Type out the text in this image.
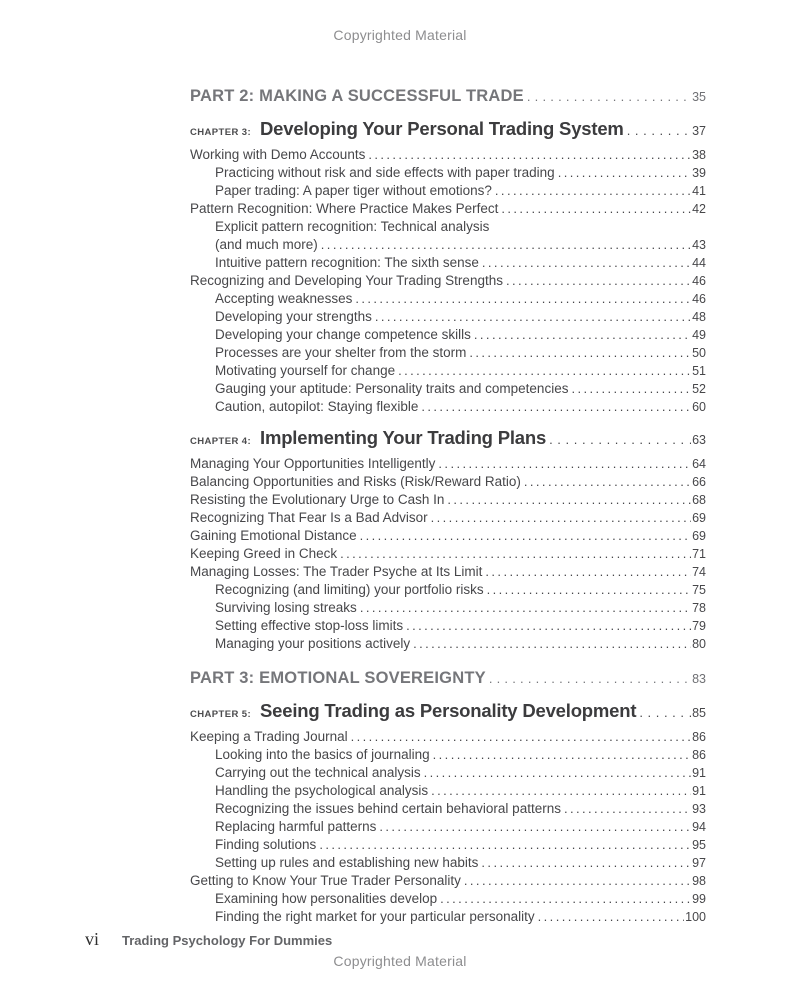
Copyrighted Material
PART 2: MAKING A SUCCESSFUL TRADE .....	35
CHAPTER 3: Developing Your Personal Trading System .....	37
Working with Demo Accounts .....	38
Practicing without risk and side effects with paper trading .....	39
Paper trading: A paper tiger without emotions? .....	41
Pattern Recognition: Where Practice Makes Perfect .....	42
Explicit pattern recognition: Technical analysis
(and much more) .....	43
Intuitive pattern recognition: The sixth sense .....	44
Recognizing and Developing Your Trading Strengths .....	46
Accepting weaknesses .....	46
Developing your strengths .....	48
Developing your change competence skills .....	49
Processes are your shelter from the storm .....	50
Motivating yourself for change .....	51
Gauging your aptitude: Personality traits and competencies .....	52
Caution, autopilot: Staying flexible .....	60
CHAPTER 4: Implementing Your Trading Plans .....	63
Managing Your Opportunities Intelligently .....	64
Balancing Opportunities and Risks (Risk/Reward Ratio) .....	66
Resisting the Evolutionary Urge to Cash In .....	68
Recognizing That Fear Is a Bad Advisor .....	69
Gaining Emotional Distance .....	69
Keeping Greed in Check .....	71
Managing Losses: The Trader Psyche at Its Limit .....	74
Recognizing (and limiting) your portfolio risks .....	75
Surviving losing streaks .....	78
Setting effective stop-loss limits .....	79
Managing your positions actively .....	80
PART 3: EMOTIONAL SOVEREIGNTY .....	83
CHAPTER 5: Seeing Trading as Personality Development .....	85
Keeping a Trading Journal .....	86
Looking into the basics of journaling .....	86
Carrying out the technical analysis .....	91
Handling the psychological analysis .....	91
Recognizing the issues behind certain behavioral patterns .....	93
Replacing harmful patterns .....	94
Finding solutions .....	95
Setting up rules and establishing new habits .....	97
Getting to Know Your True Trader Personality .....	98
Examining how personalities develop .....	99
Finding the right market for your particular personality .....	100
vi Trading Psychology For Dummies
Copyrighted Material
